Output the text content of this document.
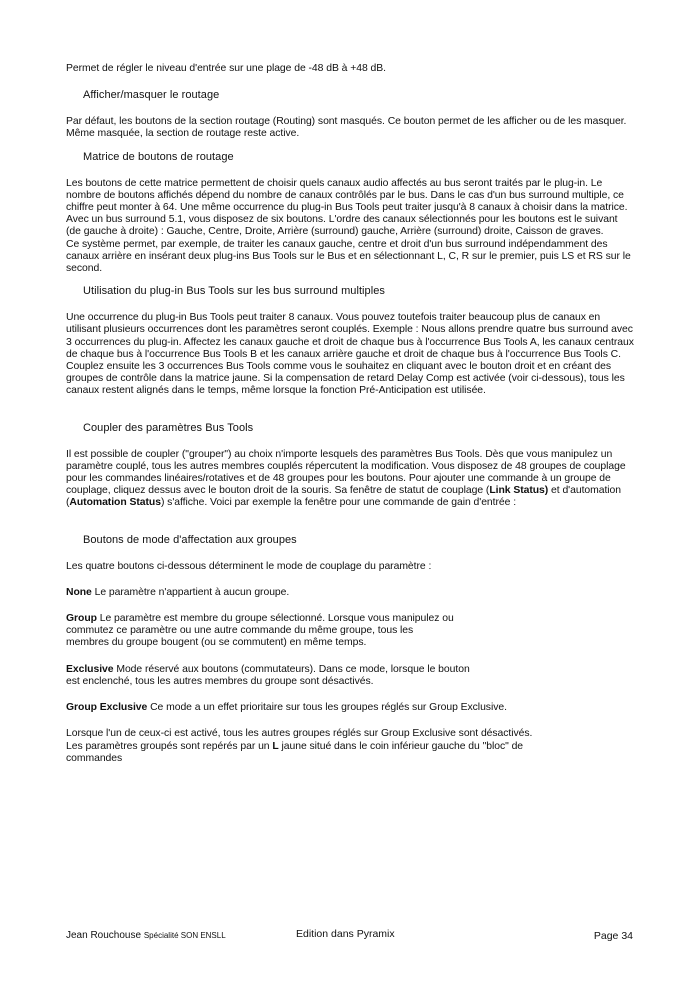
Permet de régler le niveau d'entrée sur une plage de -48 dB à +48 dB.

Afficher/masquer le routage

Par défaut, les boutons de la section routage (Routing) sont masqués. Ce bouton permet de les afficher ou de les masquer. Même masquée, la section de routage reste active.

Matrice de boutons de routage

Les boutons de cette matrice permettent de choisir quels canaux audio affectés au bus seront traités par le plug-in. Le nombre de boutons affichés dépend du nombre de canaux contrôlés par le bus. Dans le cas d'un bus surround multiple, ce chiffre peut monter à 64. Une même occurrence du plug-in Bus Tools peut traiter jusqu'à 8 canaux à choisir dans la matrice.

Avec un bus surround 5.1, vous disposez de six boutons. L'ordre des canaux sélectionnés pour les boutons est le suivant (de gauche à droite) : Gauche, Centre, Droite, Arrière (surround) gauche, Arrière (surround) droite, Caisson de graves.

Ce système permet, par exemple, de traiter les canaux gauche, centre et droit d'un bus surround indépendamment des canaux arrière en insérant deux plug-ins Bus Tools sur le Bus et en sélectionnant L, C, R sur le premier, puis LS et RS sur le second.

Utilisation du plug-in Bus Tools sur les bus surround multiples

Une occurrence du plug-in Bus Tools peut traiter 8 canaux. Vous pouvez toutefois traiter beaucoup plus de canaux en utilisant plusieurs occurrences dont les paramètres seront couplés. Exemple : Nous allons prendre quatre bus surround avec 3 occurrences du plug-in. Affectez les canaux gauche et droit de chaque bus à l'occurrence Bus Tools A, les canaux centraux de chaque bus à l'occurrence Bus Tools B et les canaux arrière gauche et droit de chaque bus à l'occurrence Bus Tools C. Couplez ensuite les 3 occurrences Bus Tools comme vous le souhaitez en cliquant avec le bouton droit et en créant des groupes de contrôle dans la matrice jaune. Si la compensation de retard Delay Comp est activée (voir ci-dessous), tous les canaux restent alignés dans le temps, même lorsque la fonction Pré-Anticipation est utilisée.

Coupler des paramètres Bus Tools

Il est possible de coupler ("grouper") au choix n'importe lesquels des paramètres Bus Tools. Dès que vous manipulez un paramètre couplé, tous les autres membres couplés répercutent la modification. Vous disposez de 48 groupes de couplage pour les commandes linéaires/rotatives et de 48 groupes pour les boutons. Pour ajouter une commande à un groupe de couplage, cliquez dessus avec le bouton droit de la souris. Sa fenêtre de statut de couplage (Link Status) et d'automation (Automation Status) s'affiche. Voici par exemple la fenêtre pour une commande de gain d'entrée :

Boutons de mode d'affectation aux groupes

Les quatre boutons ci-dessous déterminent le mode de couplage du paramètre :

None Le paramètre n'appartient à aucun groupe.

Group Le paramètre est membre du groupe sélectionné. Lorsque vous manipulez ou
commutez ce paramètre ou une autre commande du même groupe, tous les
membres du groupe bougent (ou se commutent) en même temps.

Exclusive Mode réservé aux boutons (commutateurs). Dans ce mode, lorsque le bouton
est enclenché, tous les autres membres du groupe sont désactivés.

Group Exclusive Ce mode a un effet prioritaire sur tous les groupes réglés sur Group Exclusive.

Lorsque l'un de ceux-ci est activé, tous les autres groupes réglés sur Group Exclusive sont désactivés.
Les paramètres groupés sont repérés par un L jaune situé dans le coin inférieur gauche du "bloc" de
commandes

Jean Rouchouse Spécialité SON ENSLL	Edition dans Pyramix	Page 34
